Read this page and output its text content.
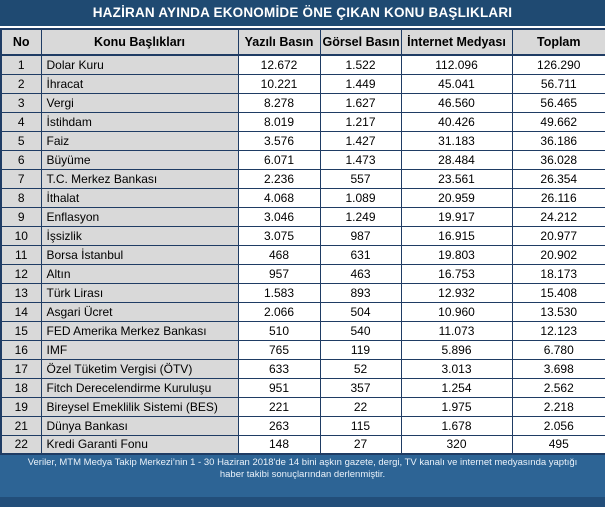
HAZİRAN AYINDA EKONOMİDE ÖNE ÇIKAN KONU BAŞLIKLARI
No	Konu Başlıkları	Yazılı Basın	Görsel Basın	İnternet Medyası	Toplam
1	Dolar Kuru	12.672	1.522	112.096	126.290
2	İhracat	10.221	1.449	45.041	56.711
3	Vergi	8.278	1.627	46.560	56.465
4	İstihdam	8.019	1.217	40.426	49.662
5	Faiz	3.576	1.427	31.183	36.186
6	Büyüme	6.071	1.473	28.484	36.028
7	T.C. Merkez Bankası	2.236	557	23.561	26.354
8	İthalat	4.068	1.089	20.959	26.116
9	Enflasyon	3.046	1.249	19.917	24.212
10	İşsizlik	3.075	987	16.915	20.977
11	Borsa İstanbul	468	631	19.803	20.902
12	Altın	957	463	16.753	18.173
13	Türk Lirası	1.583	893	12.932	15.408
14	Asgari Ücret	2.066	504	10.960	13.530
15	FED Amerika Merkez Bankası	510	540	11.073	12.123
16	IMF	765	119	5.896	6.780
17	Özel Tüketim Vergisi (ÖTV)	633	52	3.013	3.698
18	Fitch Derecelendirme Kuruluşu	951	357	1.254	2.562
19	Bireysel Emeklilik Sistemi (BES)	221	22	1.975	2.218
21	Dünya Bankası	263	115	1.678	2.056
22	Kredi Garanti Fonu	148	27	320	495
Veriler, MTM Medya Takip Merkezi’nin 1 - 30 Haziran 2018'de 14 bini aşkın gazete, dergi, TV kanalı ve internet medyasında yaptığı
haber takibi sonuçlarından derlenmiştir.
